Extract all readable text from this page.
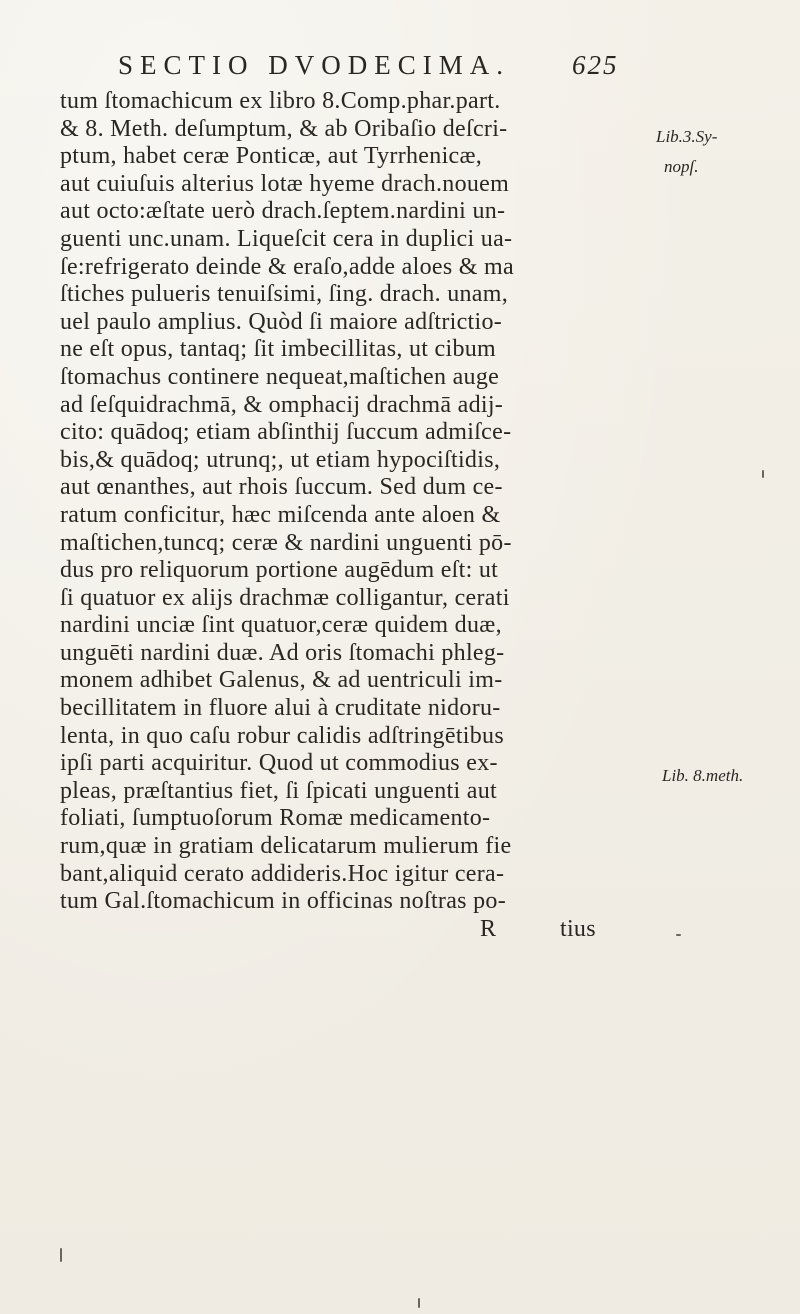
SECTIO DVODECIMA. 625
tum ſtomachicum ex libro 8.Comp.phar.part.
& 8. Meth. deſumptum, & ab Oribaſio deſcri-
ptum, habet ceræ Ponticæ, aut Tyrrhenicæ,
aut cuiuſuis alterius lotæ hyeme drach.nouem
aut octo:æſtate uerò drach.ſeptem.nardini un-
guenti unc.unam. Liqueſcit cera in duplici ua-
ſe:refrigerato deinde & eraſo,adde aloes & ma
ſtiches pulueris tenuiſsimi, ſing. drach. unam,
uel paulo amplius. Quòd ſi maiore adſtrictio-
ne eſt opus, tantaq; ſit imbecillitas, ut cibum
ſtomachus continere nequeat,maſtichen auge
ad ſeſquidrachmā, & omphacij drachmā adij-
cito: quādoq; etiam abſinthij ſuccum admiſce-
bis,& quādoq; utrunq;, ut etiam hypociſtidis,
aut œnanthes, aut rhois ſuccum. Sed dum ce-
ratum conficitur, hæc miſcenda ante aloen &
maſtichen,tuncq; ceræ & nardini unguenti pō-
dus pro reliquorum portione augēdum eſt: ut
ſi quatuor ex alijs drachmæ colligantur, cerati
nardini unciæ ſint quatuor,ceræ quidem duæ,
unguēti nardini duæ. Ad oris ſtomachi phleg-
monem adhibet Galenus, & ad uentriculi im-
becillitatem in fluore alui à cruditate nidoru-
lenta, in quo caſu robur calidis adſtringētibus
ipſi parti acquiritur. Quod ut commodius ex-
pleas, præſtantius fiet, ſi ſpicati unguenti aut
foliati, ſumptuoſorum Romæ medicamento-
rum,quæ in gratiam delicatarum mulierum fie
bant,aliquid cerato addideris.Hoc igitur cera-
tum Gal.ſtomachicum in officinas noſtras po-
R	tius
Lib.3.Sy-
nopſ.
Lib. 8.meth.
